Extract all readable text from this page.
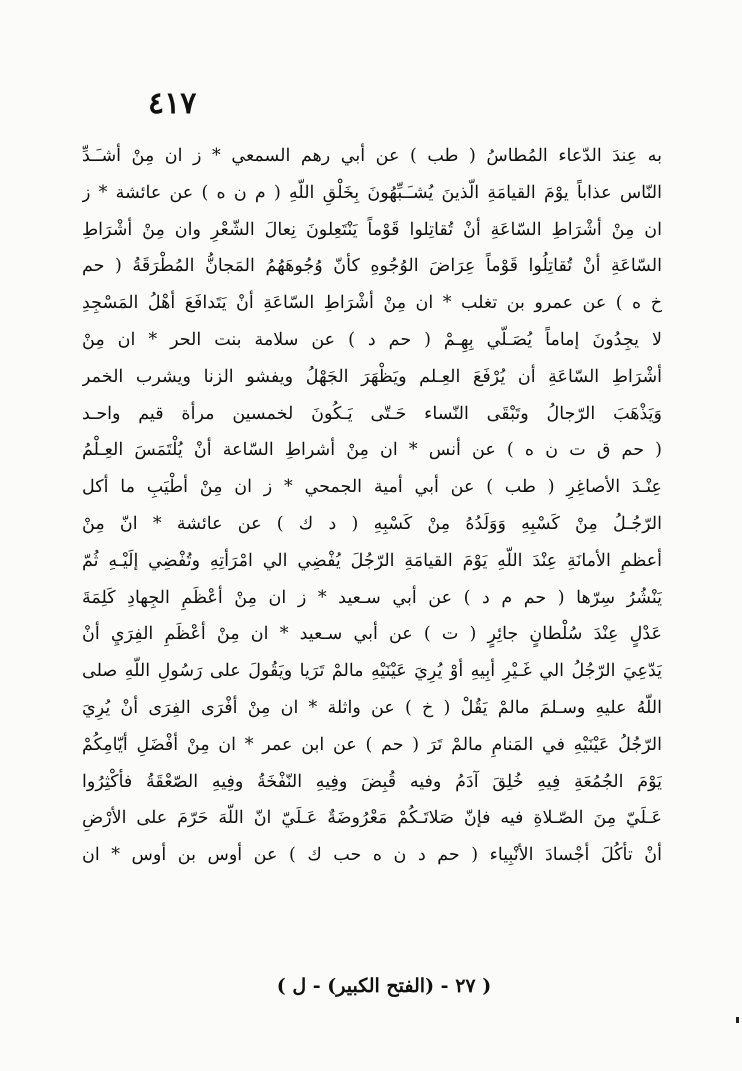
٤١٧
به عِندَ الدّعاء المُطاسُ ( طب ) عن أبي رهم السمعي * ز ان مِنْ أشـَـدِّ
النّاس عذاباً يوْمَ القيامَةِ الّذينَ يُشـَـبِّهُونَ بِخَلْقِ اللّهِ ( م ن ه ) عن عائشة * ز
ان مِنْ أشْرَاطِ السّاعَةِ أنْ تُقاتِلوا قَوْماً يَنْتَعِلونَ نِعالَ الشّعْرِ وان مِنْ أشْرَاطِ
السّاعَةِ أنْ تُقاتِلُوا قَوْماً عِرَاضَ الوُجُوهِ كأنّ وُجُوهَهُمُ المَجانُّ المُطْرَقَةُ ( حم
خ ه ) عن عمرو بن تغلب * ان مِنْ أشْرَاطِ السّاعَةِ أنْ يَتَدافَعَ أهْلُ المَسْجِدِ
لا يجِدُونَ إماماً يُصَـلّي بِهِـمْ ( حم د ) عن سلامة بنت الحر * ان مِنْ
أشْرَاطِ السّاعَةِ أن يُرْفَعَ العِـلم ويَظْهَرَ الجَهْلُ ويفشو الزنا ويشرب الخمر
وَيَذْهَبَ الرّجالُ وتَبْقَى النّساء حَـتّى يَـكُونَ لخمسين مرأة قيم واحـد
( حم ق ت ن ه ) عن أنس * ان مِنْ أشراطِ السّاعة أنْ يُلْتَمَسَ العِـلْمُ
عِنْـدَ الأصاغِرِ ( طب ) عن أبي أمية الجمحي * ز ان مِنْ أطْيَبِ ما أكل
الرّجُـلُ مِنْ كَسْبِهِ وَوَلَدُهُ مِنْ كَسْبِهِ ( د ك ) عن عائشة * انّ مِنْ
أعظمِ الأمانَةِ عِنْدَ اللّهِ يَوْمَ القيامَةِ الرّجُلَ يُفْضِي الي امْرَأتِهِ وتُفْضِي إلَيْـهِ ثُمّ
يَنْشُرُ سِرّها ( حم م د ) عن أبي سـعيد * ز ان مِنْ أعْظَمِ الجِهادِ كَلِمَةَ
عَدْلٍ عِنْدَ سُلْطانٍ جائِرٍ ( ت ) عن أبي سـعيد * ان مِنْ أعْظَمِ الفِرَيِ أنْ
يَدّعِيَ الرّجُلُ الي غَـيْرِ أبِيهِ أوْ يُرِيَ عَيْنَيْهِ مالمْ تَرَيا ويَقُولَ على رَسُولِ اللّهِ صلى
اللّهُ عليهِ وسـلمَ مالمْ يَقُلْ ( خ ) عن واثلة * ان مِنْ أفْرَى الفِرَى أنْ يُرِيَ
الرّجُلُ عَيْنَيْهِ في المَنامِ مالمْ تَرَ ( حم ) عن ابن عمر * ان مِنْ أفْضَلِ أيّامِكُمْ
يَوْمَ الجُمُعَةِ فِيهِ خُلِقَ آدَمُ وفيه قُبِضَ وفِيهِ النّفْخَةُ وفِيهِ الصّعْقَةُ فأكْثِرُوا
عَـلَيّ مِنَ الصّـلاةِ فيه فإنّ صَلاتَـكُمْ مَعْرُوضَةٌ عَـلَيّ انّ اللّهَ حَرّمَ على الأرْضِ
أنْ تأكُلَ أجْسادَ الأنْبِياء ( حم د ن ه حب ك ) عن أوس بن أوس * ان
( ٢٧ - (الفتح الكبير) - ل )
